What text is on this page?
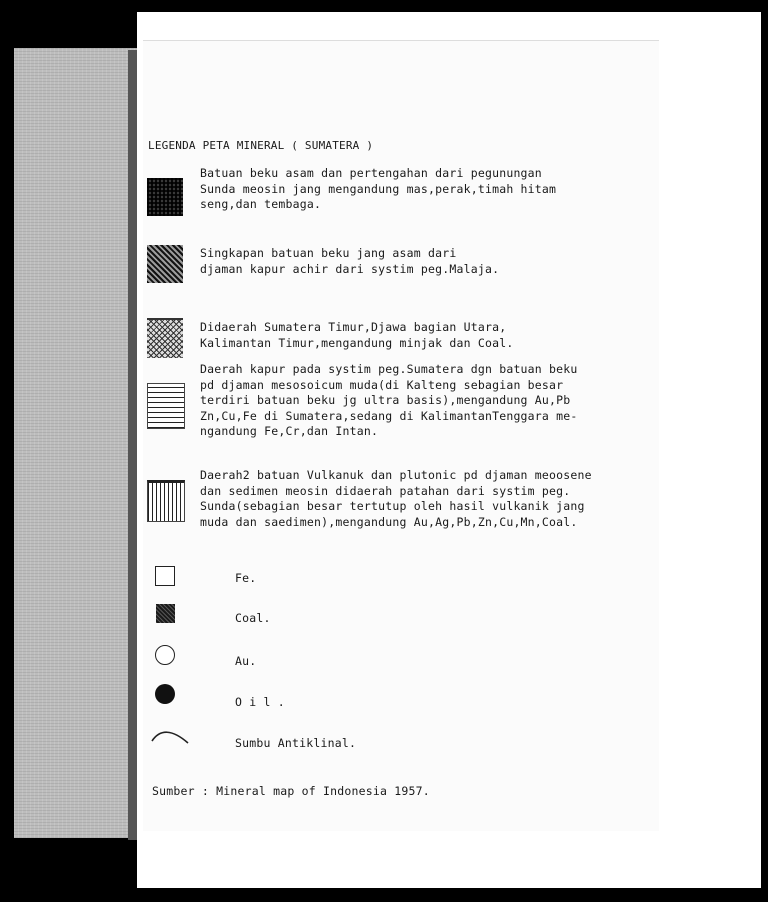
LEGENDA PETA MINERAL ( SUMATERA )
Batuan beku asam dan pertengahan dari pegunungan
Sunda meosin jang mengandung mas,perak,timah hitam
seng,dan tembaga.
Singkapan batuan beku jang asam dari
djaman kapur achir dari systim peg.Malaja.
Didaerah Sumatera Timur,Djawa bagian Utara,
Kalimantan Timur,mengandung minjak dan Coal.
Daerah kapur pada systim peg.Sumatera dgn batuan beku
pd djaman mesosoicum muda(di Kalteng sebagian besar
terdiri batuan beku jg ultra basis),mengandung Au,Pb
Zn,Cu,Fe di Sumatera,sedang di KalimantanTenggara me-
ngandung Fe,Cr,dan Intan.
Daerah2 batuan Vulkanuk dan plutonic pd djaman meoosene
dan sedimen meosin didaerah patahan dari systim peg.
Sunda(sebagian besar tertutup oleh hasil vulkanik jang
muda dan saedimen),mengandung Au,Ag,Pb,Zn,Cu,Mn,Coal.
Fe.
Coal.
Au.
O i l .
Sumbu Antiklinal.
Sumber : Mineral map of Indonesia 1957.
